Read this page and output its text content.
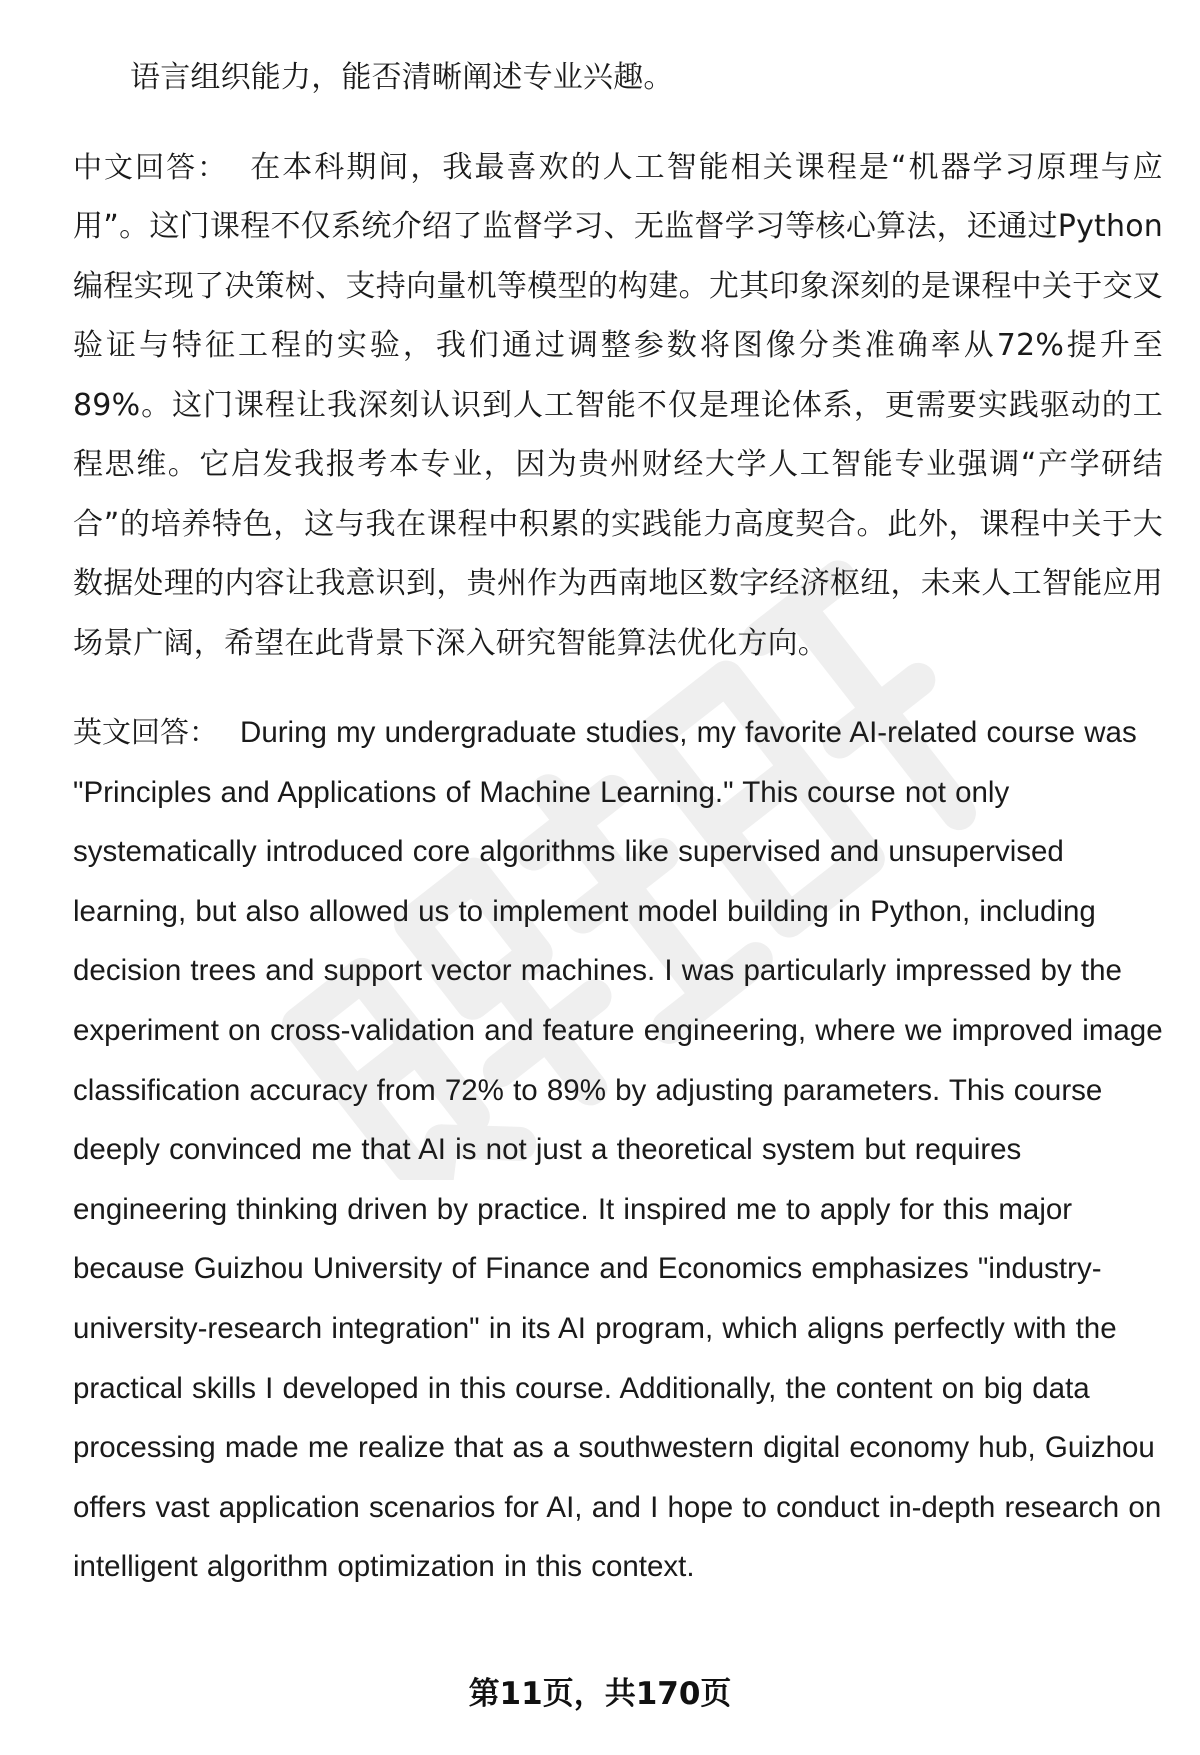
语言组织能力，能否清晰阐述专业兴趣。

中文回答： 在本科期间，我最喜欢的人工智能相关课程是“机器学习原理与应用”。这门课程不仅系统介绍了监督学习、无监督学习等核心算法，还通过Python编程实现了决策树、支持向量机等模型的构建。尤其印象深刻的是课程中关于交叉验证与特征工程的实验，我们通过调整参数将图像分类准确率从72%提升至89%。这门课程让我深刻认识到人工智能不仅是理论体系，更需要实践驱动的工程思维。它启发我报考本专业，因为贵州财经大学人工智能专业强调“产学研结合”的培养特色，这与我在课程中积累的实践能力高度契合。此外，课程中关于大数据处理的内容让我意识到，贵州作为西南地区数字经济枢纽，未来人工智能应用场景广阔，希望在此背景下深入研究智能算法优化方向。

英文回答： During my undergraduate studies, my favorite AI-related course was "Principles and Applications of Machine Learning." This course not only systematically introduced core algorithms like supervised and unsupervised learning, but also allowed us to implement model building in Python, including decision trees and support vector machines. I was particularly impressed by the experiment on cross-validation and feature engineering, where we improved image classification accuracy from 72% to 89% by adjusting parameters. This course deeply convinced me that AI is not just a theoretical system but requires engineering thinking driven by practice. It inspired me to apply for this major because Guizhou University of Finance and Economics emphasizes "industry-university-research integration" in its AI program, which aligns perfectly with the practical skills I developed in this course. Additionally, the content on big data processing made me realize that as a southwestern digital economy hub, Guizhou offers vast application scenarios for AI, and I hope to conduct in-depth research on intelligent algorithm optimization in this context.

第11页，共170页
